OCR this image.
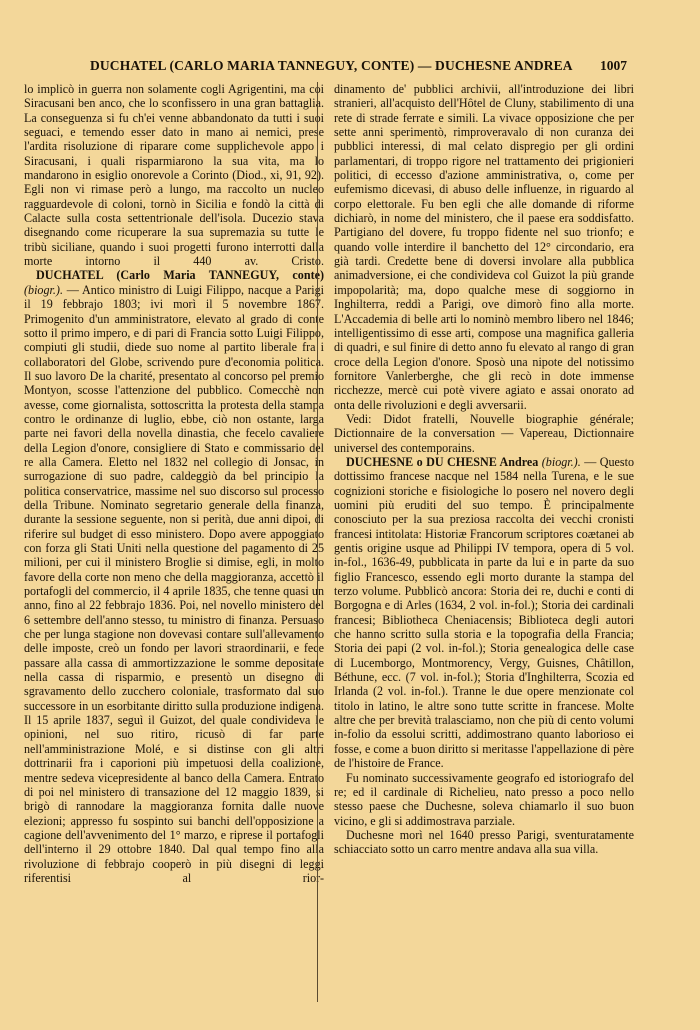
DUCHATEL (CARLO MARIA TANNEGUY, CONTE) — DUCHESNE ANDREA 1007

lo implicò in guerra non solamente cogli Agrigentini, ma coi Siracusani ben anco, che lo sconfissero in una gran battaglia. La conseguenza si fu ch'ei venne abbandonato da tutti i suoi seguaci, e temendo esser dato in mano ai nemici, prese l'ardita risoluzione di riparare come supplichevole appo i Siracusani, i quali risparmiarono la sua vita, ma lo mandarono in esiglio onorevole a Corinto (Diod., xi, 91, 92). Egli non vi rimase però a lungo, ma raccolto un nucleo ragguardevole di coloni, tornò in Sicilia e fondò la città di Calacte sulla costa settentrionale dell'isola. Ducezio stava disegnando come ricuperare la sua supremazia su tutte le tribù siciliane, quando i suoi progetti furono interrotti dalla morte intorno il 440 av. Cristo.

DUCHATEL (Carlo Maria TANNEGUY, conte) (biogr.). — Antico ministro di Luigi Filippo, nacque a Parigi il 19 febbrajo 1803; ivi morì il 5 novembre 1867. Primogenito d'un amministratore, elevato al grado di conte sotto il primo impero, e di pari di Francia sotto Luigi Filippo, compiuti gli studii, diede suo nome al partito liberale fra i collaboratori del Globe, scrivendo pure d'economia politica. Il suo lavoro De la charité, presentato al concorso pel premio Montyon, scosse l'attenzione del pubblico. Comecchè non avesse, come giornalista, sottoscritta la protesta della stampa contro le ordinanze di luglio, ebbe, ciò non ostante, larga parte nei favori della novella dinastia, che fecelo cavaliere della Legion d'onore, consigliere di Stato e commissario del re alla Camera. Eletto nel 1832 nel collegio di Jonsac, in surrogazione di suo padre, caldeggiò da bel principio la politica conservatrice, massime nel suo discorso sul processo della Tribune. Nominato segretario generale della finanza, durante la sessione seguente, non si perità, due anni dipoi, di riferire sul budget di esso ministero. Dopo avere appoggiato con forza gli Stati Uniti nella questione del pagamento di 25 milioni, per cui il ministero Broglie si dimise, egli, in molto favore della corte non meno che della maggioranza, accettò il portafogli del commercio, il 4 aprile 1835, che tenne quasi un anno, fino al 22 febbrajo 1836. Poi, nel novello ministero del 6 settembre dell'anno stesso, tu ministro di finanza. Persuaso che per lunga stagione non dovevasi contare sull'allevamento delle imposte, creò un fondo per lavori straordinarii, e fece passare alla cassa di ammortizzazione le somme depositate nella cassa di risparmio, e presentò un disegno di sgravamento dello zucchero coloniale, trasformato dal suo successore in un esorbitante diritto sulla produzione indigena. Il 15 aprile 1837, seguì il Guizot, del quale condivideva le opinioni, nel suo ritiro, ricusò di far parte nell'amministrazione Molé, e si distinse con gli altri dottrinarii fra i caporioni più impetuosi della coalizione, mentre sedeva vicepresidente al banco della Camera. Entrato di poi nel ministero di transazione del 12 maggio 1839, si brigò di rannodare la maggioranza fornita dalle nuove elezioni; appresso fu sospinto sui banchi dell'opposizione a cagione dell'avvenimento del 1° marzo, e riprese il portafogli dell'interno il 29 ottobre 1840. Dal qual tempo fino alla rivoluzione di febbrajo cooperò in più disegni di leggi riferentisi al rior-

dinamento de' pubblici archivii, all'introduzione dei libri stranieri, all'acquisto dell'Hôtel de Cluny, stabilimento di una rete di strade ferrate e simili. La vivace opposizione che per sette anni sperimentò, rimproveravalo di non curanza dei pubblici interessi, di mal celato dispregio per gli ordini parlamentari, di troppo rigore nel trattamento dei prigionieri politici, di eccesso d'azione amministrativa, o, come per eufemismo dicevasi, di abuso delle influenze, in riguardo al corpo elettorale. Fu ben egli che alle domande di riforme dichiarò, in nome del ministero, che il paese era soddisfatto. Partigiano del dovere, fu troppo fidente nel suo trionfo; e quando volle interdire il banchetto del 12° circondario, era già tardi. Credette bene di doversi involare alla pubblica animadversione, ei che condivideva col Guizot la più grande impopolarità; ma, dopo qualche mese di soggiorno in Inghilterra, reddì a Parigi, ove dimorò fino alla morte. L'Accademia di belle arti lo nominò membro libero nel 1846; intelligentissimo di esse arti, compose una magnifica galleria di quadri, e sul finire di detto anno fu elevato al rango di gran croce della Legion d'onore. Sposò una nipote del notissimo fornitore Vanlerberghe, che gli recò in dote immense ricchezze, mercè cui potè vivere agiato e assai onorato ad onta delle rivoluzioni e degli avversarii.

Vedi: Didot fratelli, Nouvelle biographie générale; Dictionnaire de la conversation — Vapereau, Dictionnaire universel des contemporains.

DUCHESNE o DU CHESNE Andrea (biogr.). — Questo dottissimo francese nacque nel 1584 nella Turena, e le sue cognizioni storiche e fisiologiche lo posero nel novero degli uomini più eruditi del suo tempo. È principalmente conosciuto per la sua preziosa raccolta dei vecchi cronisti francesi intitolata: Historiæ Francorum scriptores coætanei ab gentis origine usque ad Philippi IV tempora, opera di 5 vol. in-fol., 1636-49, pubblicata in parte da lui e in parte da suo figlio Francesco, essendo egli morto durante la stampa del terzo volume. Pubblicò ancora: Storia dei re, duchi e conti di Borgogna e di Arles (1634, 2 vol. in-fol.); Storia dei cardinali francesi; Bibliotheca Cheniacensis; Biblioteca degli autori che hanno scritto sulla storia e la topografia della Francia; Storia dei papi (2 vol. in-fol.); Storia genealogica delle case di Lucemborgo, Montmorency, Vergy, Guisnes, Châtillon, Béthune, ecc. (7 vol. in-fol.); Storia d'Inghilterra, Scozia ed Irlanda (2 vol. in-fol.). Tranne le due opere menzionate col titolo in latino, le altre sono tutte scritte in francese. Molte altre che per brevità tralasciamo, non che più di cento volumi in-folio da essolui scritti, addimostrano quanto laborioso ei fosse, e come a buon diritto si meritasse l'appellazione di père de l'histoire de France.

Fu nominato successivamente geografo ed istoriografo del re; ed il cardinale di Richelieu, nato presso a poco nello stesso paese che Duchesne, soleva chiamarlo il suo buon vicino, e gli si addimostrava parziale.

Duchesne morì nel 1640 presso Parigi, sventuratamente schiacciato sotto un carro mentre andava alla sua villa.
